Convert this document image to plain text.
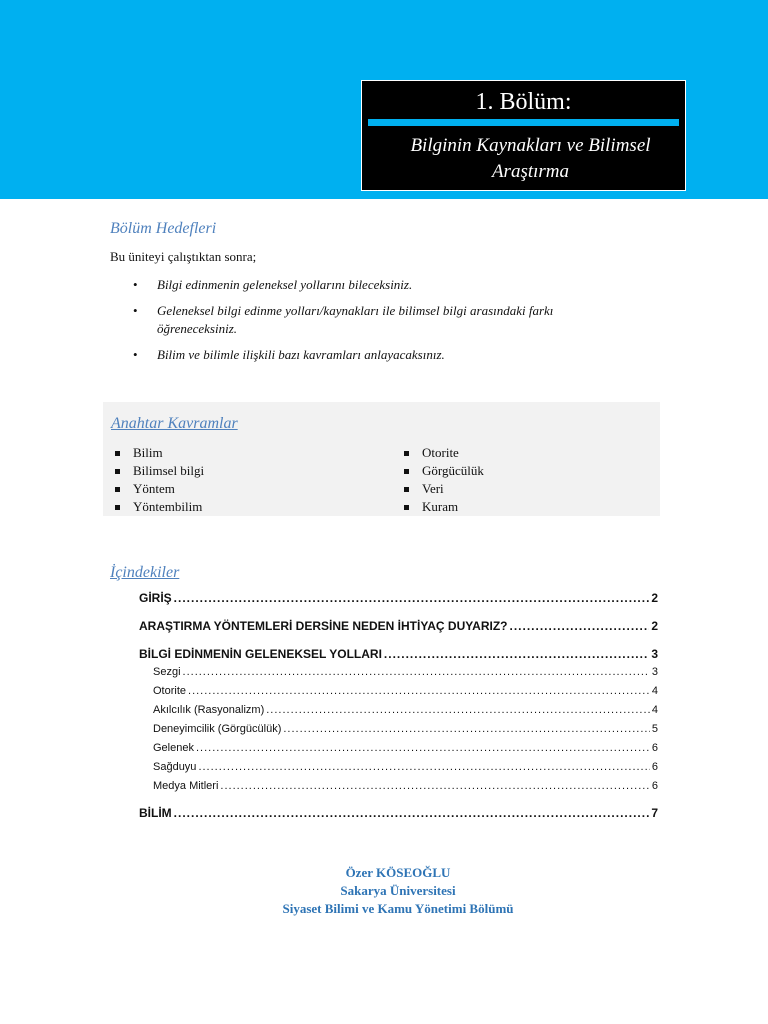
1. Bölüm:
Bilginin Kaynakları ve Bilimsel
Araştırma
Bölüm Hedefleri
Bu üniteyi çalıştıktan sonra;
• Bilgi edinmenin geleneksel yollarını bileceksiniz.
• Geleneksel bilgi edinme yolları/kaynakları ile bilimsel bilgi arasındaki farkı öğreneceksiniz.
• Bilim ve bilimle ilişkili bazı kavramları anlayacaksınız.
Anahtar Kavramlar
Bilim
Bilimsel bilgi
Yöntem
Yöntembilim
Otorite
Görgücülük
Veri
Kuram
İçindekiler
GİRİŞ .....	2
ARAŞTIRMA YÖNTEMLERİ DERSİNE NEDEN İHTİYAÇ DUYARIZ? .....	2
BİLGİ EDİNMENİN GELENEKSEL YOLLARI .....	3
Sezgi .....	3
Otorite .....	4
Akılcılık (Rasyonalizm) .....	4
Deneyimcilik (Görgücülük) .....	5
Gelenek .....	6
Sağduyu .....	6
Medya Mitleri .....	6
BİLİM .....	7
Özer KÖSEOĞLU
Sakarya Üniversitesi
Siyaset Bilimi ve Kamu Yönetimi Bölümü
